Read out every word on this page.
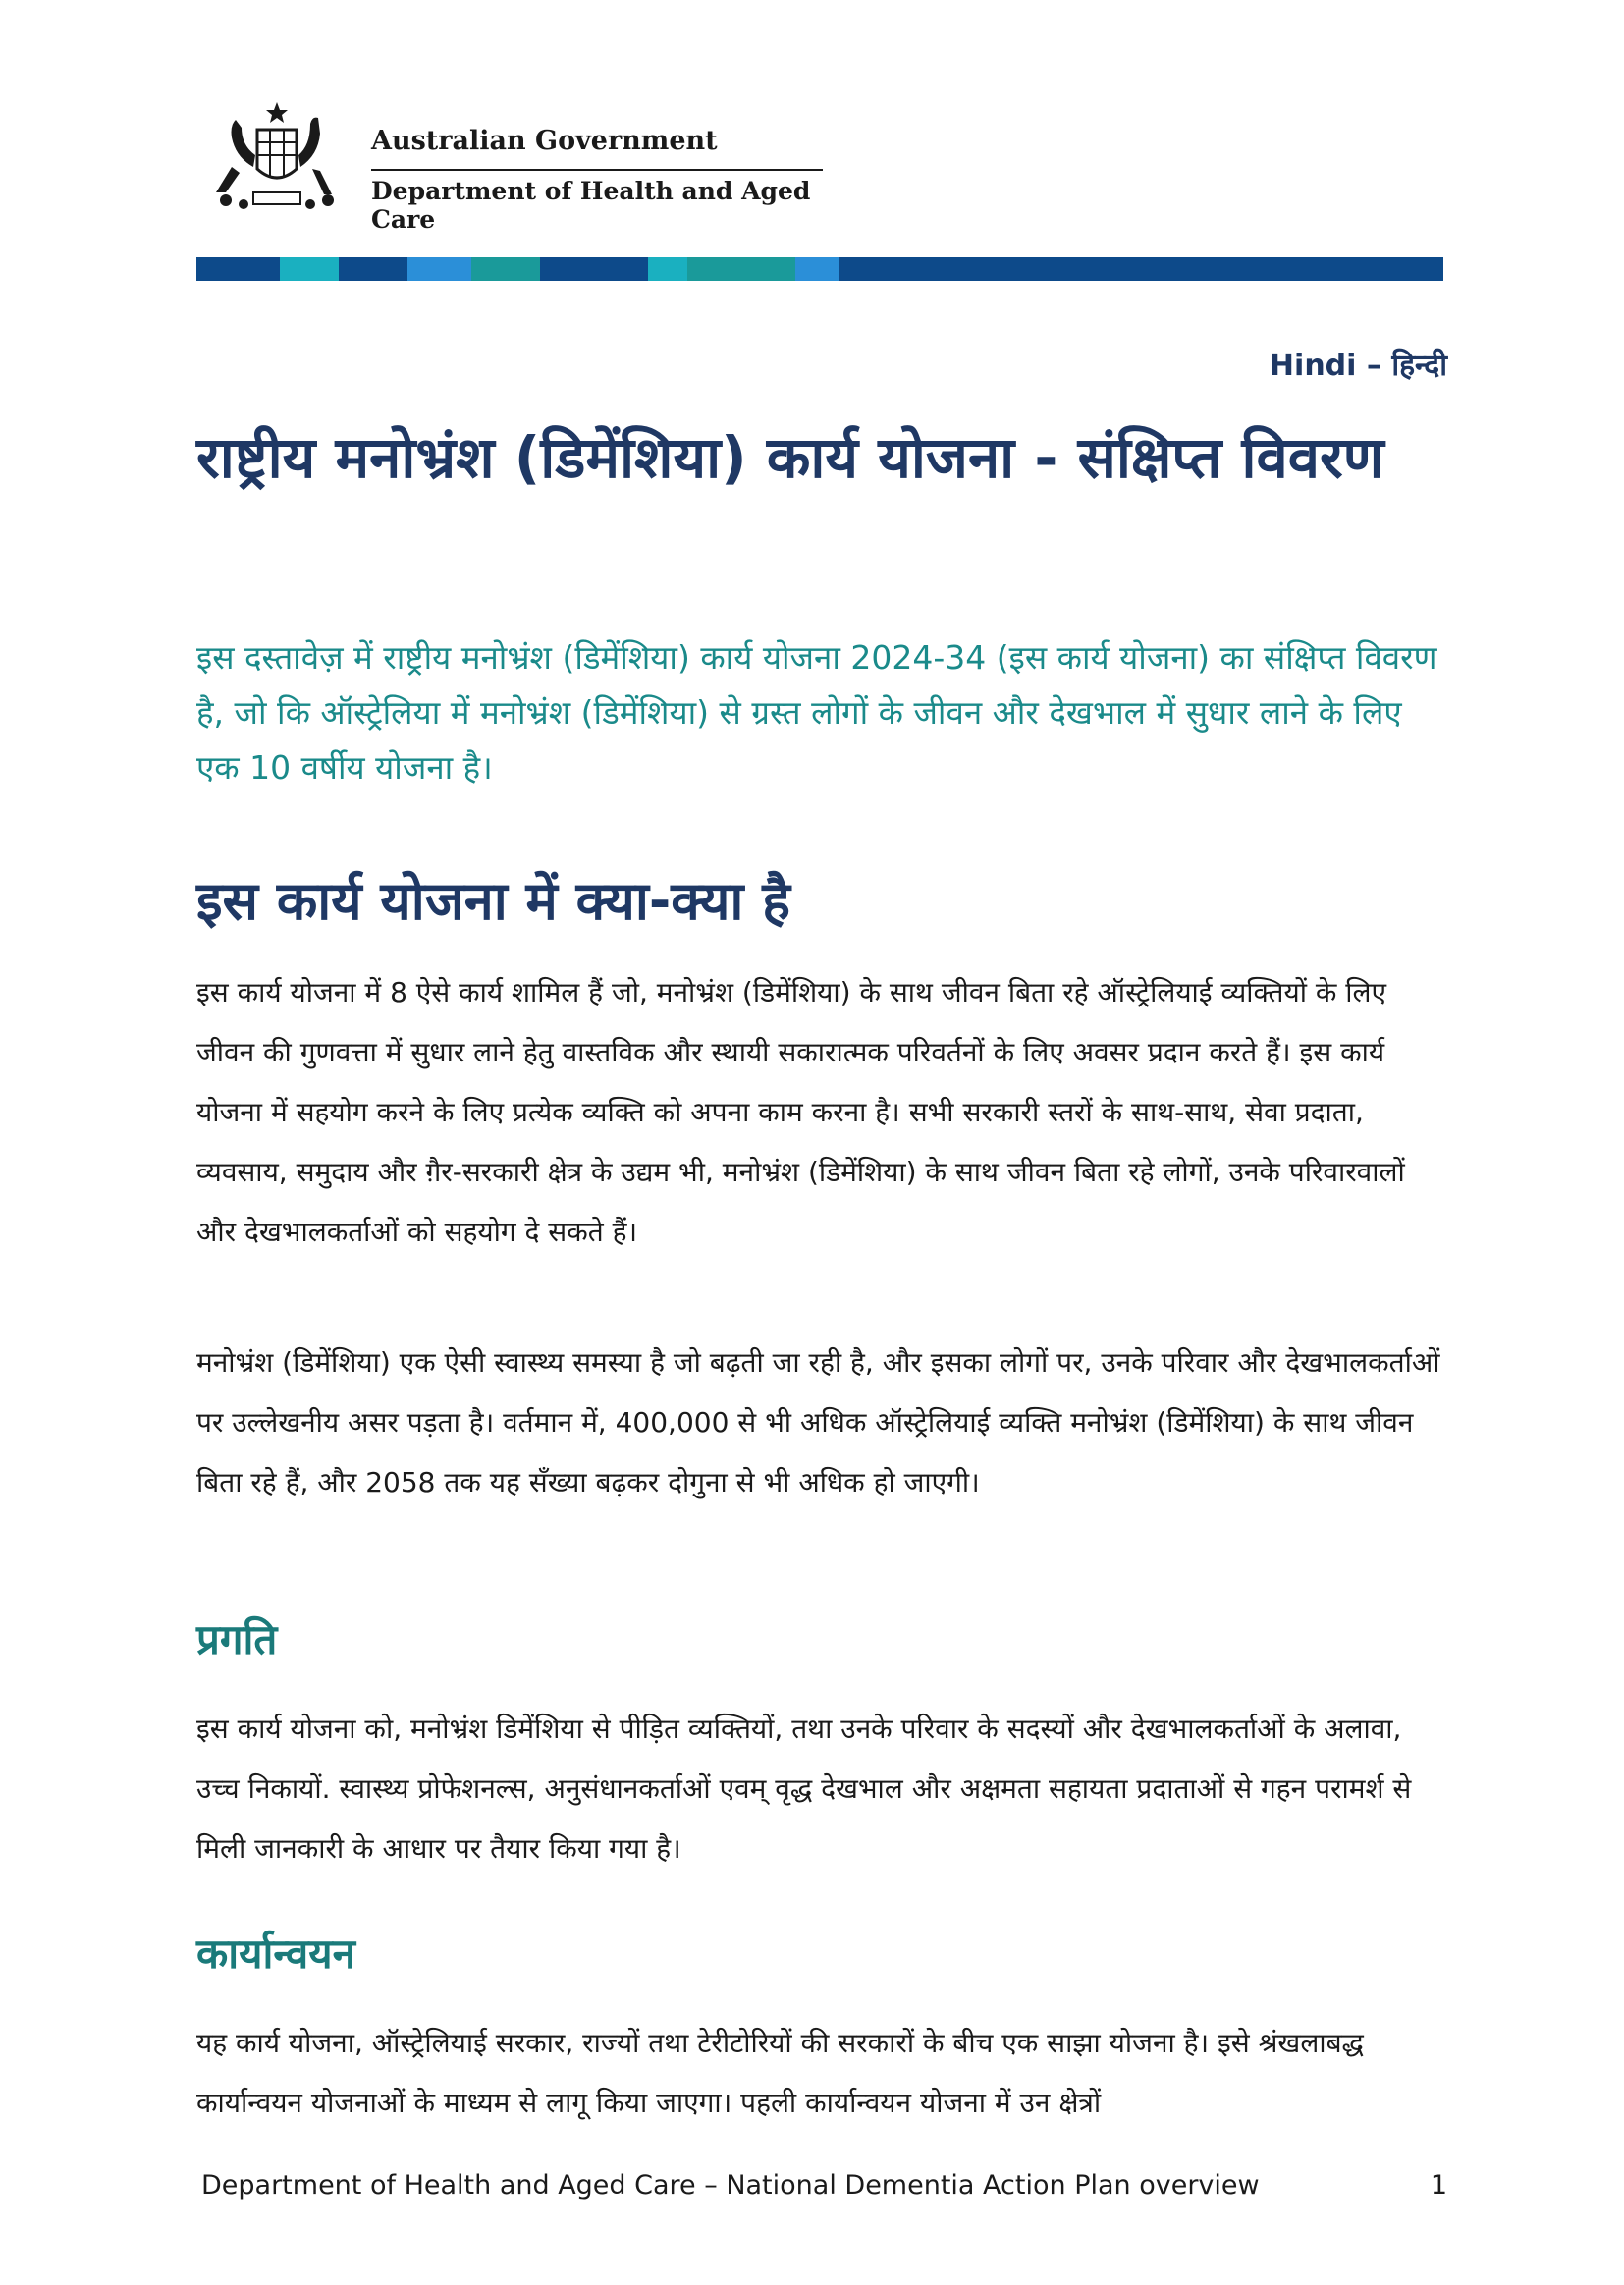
Australian Government
Department of Health and Aged Care
Hindi – हिन्दी
राष्ट्रीय मनोभ्रंश (डिमेंशिया) कार्य योजना - संक्षिप्त विवरण

इस दस्तावेज़ में राष्ट्रीय मनोभ्रंश (डिमेंशिया) कार्य योजना 2024-34 (इस कार्य योजना) का संक्षिप्त विवरण है, जो कि ऑस्ट्रेलिया में मनोभ्रंश (डिमेंशिया) से ग्रस्त लोगों के जीवन और देखभाल में सुधार लाने के लिए एक 10 वर्षीय योजना है।

इस कार्य योजना में क्या-क्या है

इस कार्य योजना में 8 ऐसे कार्य शामिल हैं जो, मनोभ्रंश (डिमेंशिया) के साथ जीवन बिता रहे ऑस्ट्रेलियाई व्यक्तियों के लिए जीवन की गुणवत्ता में सुधार लाने हेतु वास्तविक और स्थायी सकारात्मक परिवर्तनों के लिए अवसर प्रदान करते हैं। इस कार्य योजना में सहयोग करने के लिए प्रत्येक व्यक्ति को अपना काम करना है। सभी सरकारी स्तरों के साथ-साथ, सेवा प्रदाता, व्यवसाय, समुदाय और ग़ैर-सरकारी क्षेत्र के उद्यम भी, मनोभ्रंश (डिमेंशिया) के साथ जीवन बिता रहे लोगों, उनके परिवारवालों और देखभालकर्ताओं को सहयोग दे सकते हैं।

मनोभ्रंश (डिमेंशिया) एक ऐसी स्वास्थ्य समस्या है जो बढ़ती जा रही है, और इसका लोगों पर, उनके परिवार और देखभालकर्ताओं पर उल्लेखनीय असर पड़ता है। वर्तमान में, 400,000 से भी अधिक ऑस्ट्रेलियाई व्यक्ति मनोभ्रंश (डिमेंशिया) के साथ जीवन बिता रहे हैं, और 2058 तक यह सँख्या बढ़कर दोगुना से भी अधिक हो जाएगी।

प्रगति

इस कार्य योजना को, मनोभ्रंश डिमेंशिया से पीड़ित व्यक्तियों, तथा उनके परिवार के सदस्यों और देखभालकर्ताओं के अलावा, उच्च निकायों. स्वास्थ्य प्रोफेशनल्स, अनुसंधानकर्ताओं एवम् वृद्ध देखभाल और अक्षमता सहायता प्रदाताओं से गहन परामर्श से मिली जानकारी के आधार पर तैयार किया गया है।

कार्यान्वयन

यह कार्य योजना, ऑस्ट्रेलियाई सरकार, राज्यों तथा टेरीटोरियों की सरकारों के बीच एक साझा योजना है। इसे श्रंखलाबद्ध कार्यान्वयन योजनाओं के माध्यम से लागू किया जाएगा। पहली कार्यान्वयन योजना में उन क्षेत्रों

Department of Health and Aged Care – National Dementia Action Plan overview	1
